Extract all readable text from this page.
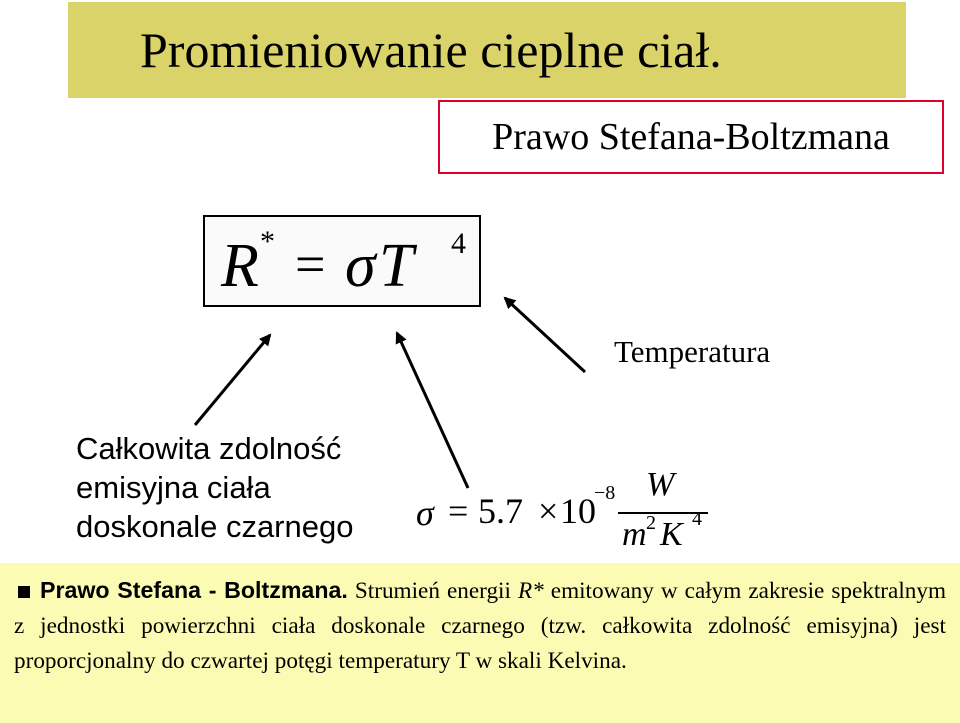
Promieniowanie cieplne ciał.
Prawo Stefana-Boltzmana
R * = σ T 4
Temperatura
Całkowita zdolność
emisyjna ciała
doskonale czarnego σ = 5.7 × 10
−8 W
m 2 K 4
Prawo Stefana - Boltzmana. Strumień energii R* emitowany w całym zakresie spektralnym z jednostki powierzchni ciała doskonale czarnego (tzw. całkowita zdolność emisyjna) jest proporcjonalny do czwartej potęgi temperatury T w skali Kelvina.
